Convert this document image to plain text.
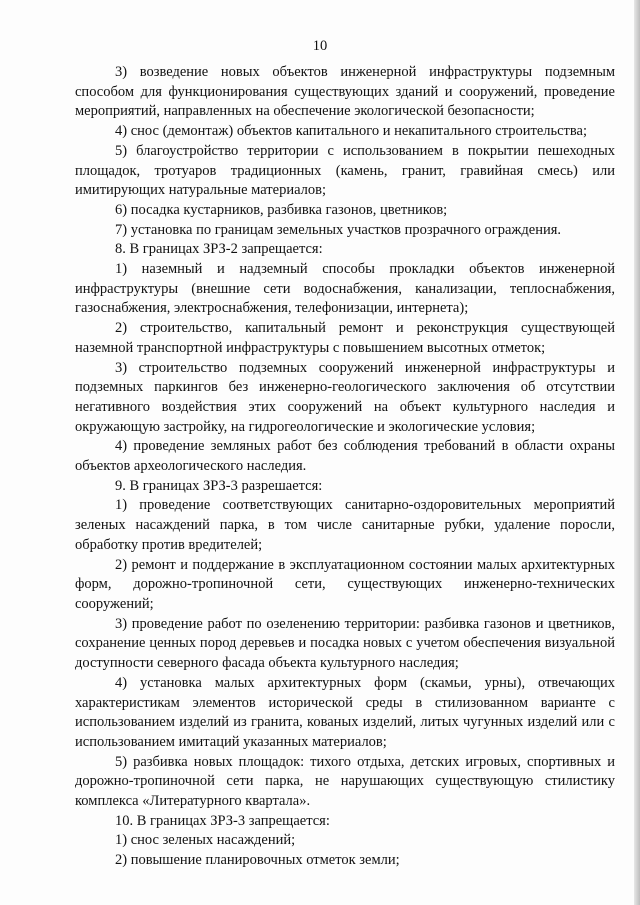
10

3) возведение новых объектов инженерной инфраструктуры подземным способом для функционирования существующих зданий и сооружений, проведение мероприятий, направленных на обеспечение экологической безопасности;

4) снос (демонтаж) объектов капитального и некапитального строительства;

5) благоустройство территории с использованием в покрытии пешеходных площадок, тротуаров традиционных (камень, гранит, гравийная смесь) или имитирующих натуральные материалов;

6) посадка кустарников, разбивка газонов, цветников;

7) установка по границам земельных участков прозрачного ограждения.

8. В границах ЗРЗ-2 запрещается:

1) наземный и надземный способы прокладки объектов инженерной инфраструктуры (внешние сети водоснабжения, канализации, теплоснабжения, газоснабжения, электроснабжения, телефонизации, интернета);

2) строительство, капитальный ремонт и реконструкция существующей наземной транспортной инфраструктуры с повышением высотных отметок;

3) строительство подземных сооружений инженерной инфраструктуры и подземных паркингов без инженерно-геологического заключения об отсутствии негативного воздействия этих сооружений на объект культурного наследия и окружающую застройку, на гидрогеологические и экологические условия;

4) проведение земляных работ без соблюдения требований в области охраны объектов археологического наследия.

9. В границах ЗРЗ-3 разрешается:

1) проведение соответствующих санитарно-оздоровительных мероприятий зеленых насаждений парка, в том числе санитарные рубки, удаление поросли, обработку против вредителей;

2) ремонт и поддержание в эксплуатационном состоянии малых архитектурных форм, дорожно-тропиночной сети, существующих инженерно-технических сооружений;

3) проведение работ по озеленению территории: разбивка газонов и цветников, сохранение ценных пород деревьев и посадка новых с учетом обеспечения визуальной доступности северного фасада объекта культурного наследия;

4) установка малых архитектурных форм (скамьи, урны), отвечающих характеристикам элементов исторической среды в стилизованном варианте с использованием изделий из гранита, кованых изделий, литых чугунных изделий или с использованием имитаций указанных материалов;

5) разбивка новых площадок: тихого отдыха, детских игровых, спортивных и дорожно-тропиночной сети парка, не нарушающих существующую стилистику комплекса «Литературного квартала».

10. В границах ЗРЗ-3 запрещается:

1) снос зеленых насаждений;

2) повышение планировочных отметок земли;
